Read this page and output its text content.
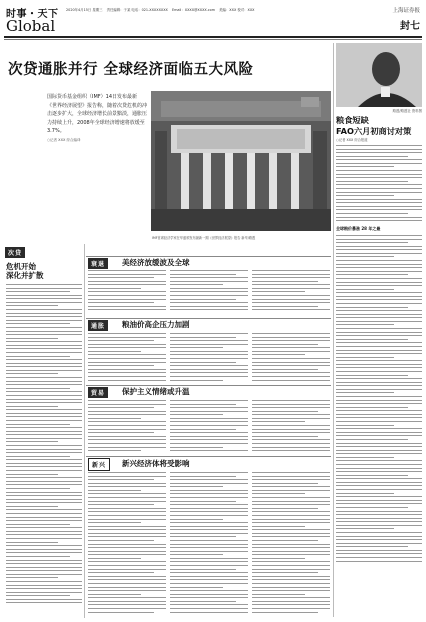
时事・天下
Global
2020年4月15日 星期三 责任编辑：于某 电话：021-XXXXXXXX Email：XXXX@XXXX.com 美编：XXX 校对：XXX	上海证券报
封七
次贷通胀并行 全球经济面临五大风险
国际货币基金组织（IMF）14日发布最新《世界经济展望》报告称，随着次贷危机的冲击逐步扩大，全球经济增长前景黯淡，通胀压力持续上升，2008年全球经济增速将放缓至3.7%。
○记者 XXX 综合编译
IMF首席经济学家在华盛顿发布最新一期《世界经济展望》报告 新华/路透
路透/路透社 资料图
粮食短缺
FAO六月初商讨对策
○记者 XXX 综合报道
全球粮价暴涨 28 年之最
次贷
危机开始
深化并扩散
衰退	美经济放缓波及全球
通胀	粮油价高企压力加剧
贸易	保护主义情绪或升温
新兴	新兴经济体将受影响
